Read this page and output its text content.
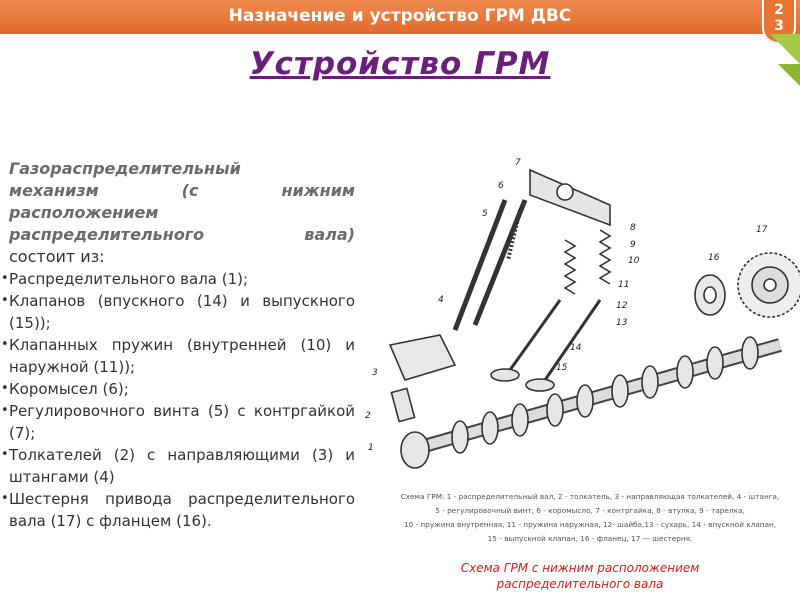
Назначение и устройство ГРМ ДВС	2
3
Устройство ГРМ
Газораспределительный
механизм (с нижним
расположением
распределительного вала)
состоит из:
• Распределительного вала (1);
• Клапанов (впускного (14) и выпускного (15));
• Клапанных пружин (внутренней (10) и наружной (11));
• Коромысел (6);
• Регулировочного винта (5) с контргайкой (7);
• Толкателей (2) с направляющими (3) и штангами (4)
• Шестерня привода распределительного вала (17) с фланцем (16).
1
2
3
4
5
6
7
8
9
10
11
12
13
14
15
16
17
Схема ГРМ: 1 - распределительный вал, 2 - толкатель, 3 - направляющая толкателей, 4 - штанга,
5 - регулировочный винт, 6 - коромысло, 7 - контргайка, 8 - втулка, 9 - тарелка,
10 - пружина внутренняя, 11 - пружина наружная, 12- шайба,13 - сухарь, 14 - впускной клапан,
15 - выпускной клапан, 16 - фланец, 17 — шестерня.
Схема ГРМ с нижним расположением
распределительного вала
